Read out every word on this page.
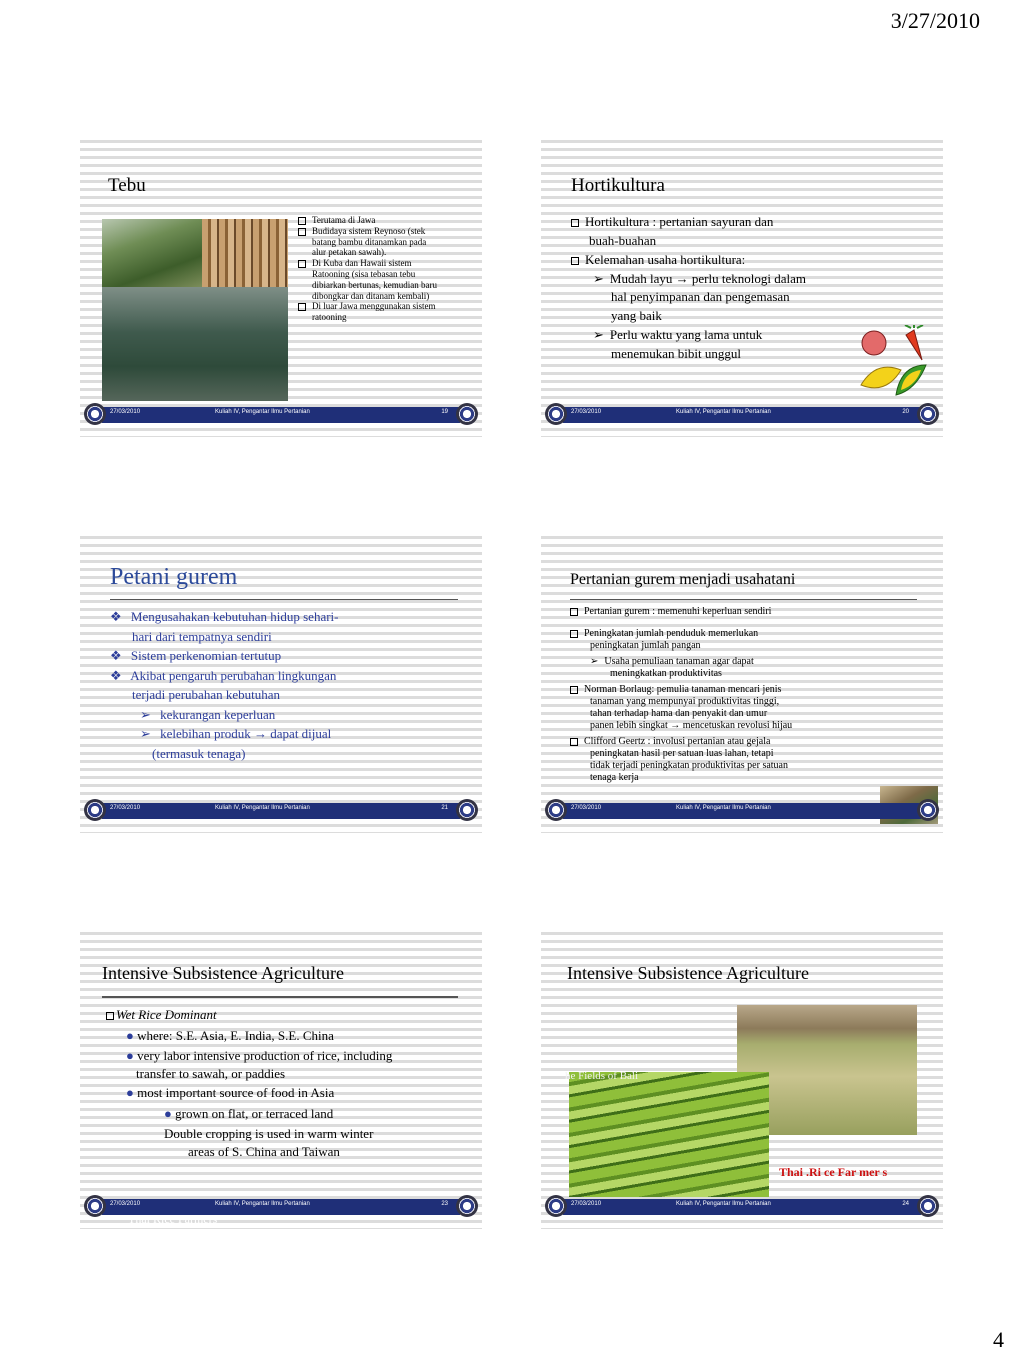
3/27/2010
Tebu
Terutama di Jawa
Budidaya sistem Reynoso (stek batang bambu ditanamkan pada alur petakan sawah).
Di Kuba dan Hawaii sistem Ratooning (sisa tebasan tebu dibiarkan bertunas, kemudian baru dibongkar dan ditanam kembali)
Di luar Jawa menggunakan sistem ratooning
27/03/2010	Kuliah IV, Pengantar Ilmu Pertanian	19
Hortikultura
Hortikultura : pertanian sayuran dan
buah-buahan
Kelemahan usaha hortikultura:
➢ Mudah layu → perlu teknologi dalam
hal penyimpanan dan pengemasan
yang baik
➢ Perlu waktu yang lama untuk
menemukan bibit unggul
27/03/2010	Kuliah IV, Pengantar Ilmu Pertanian	20
Petani gurem
❖ Mengusahakan kebutuhan hidup sehari-
hari dari tempatnya sendiri
❖ Sistem perkenomian tertutup
❖ Akibat pengaruh perubahan lingkungan
terjadi perubahan kebutuhan
➢ kekurangan keperluan
➢ kelebihan produk → dapat dijual
(termasuk tenaga)
27/03/2010	Kuliah IV, Pengantar Ilmu Pertanian	21
Pertanian gurem menjadi usahatani
Pertanian gurem : memenuhi keperluan sendiri
Peningkatan jumlah penduduk memerlukan
peningkatan jumlah pangan
➢ Usaha pemuliaan tanaman agar dapat
meningkatkan produktivitas
Norman Borlaug: pemulia tanaman mencari jenis
tanaman yang mempunyai produktivitas tinggi,
tahan terhadap hama dan penyakit dan umur
panen lebih singkat → mencetuskan revolusi hijau
Clifford Geertz : involusi pertanian atau gejala
peningkatan hasil per satuan luas lahan, tetapi
tidak terjadi peningkatan produktivitas per satuan
tenaga kerja
27/03/2010	Kuliah IV, Pengantar Ilmu Pertanian
Intensive Subsistence Agriculture
Wet Rice Dominant
● where: S.E. Asia, E. India, S.E. China
● very labor intensive production of rice, including
transfer to sawah, or paddies
● most important source of food in Asia
● grown on flat, or terraced land
Double cropping is used in warm winter
areas of S. China and Taiwan
27/03/2010	Kuliah IV, Pengantar Ilmu Pertanian	23
Thai Rice Farmers
Intensive Subsistence Agriculture
he Fields of Bali
Thai .Ri ce Far mer s
27/03/2010	Kuliah IV, Pengantar Ilmu Pertanian	24
4
